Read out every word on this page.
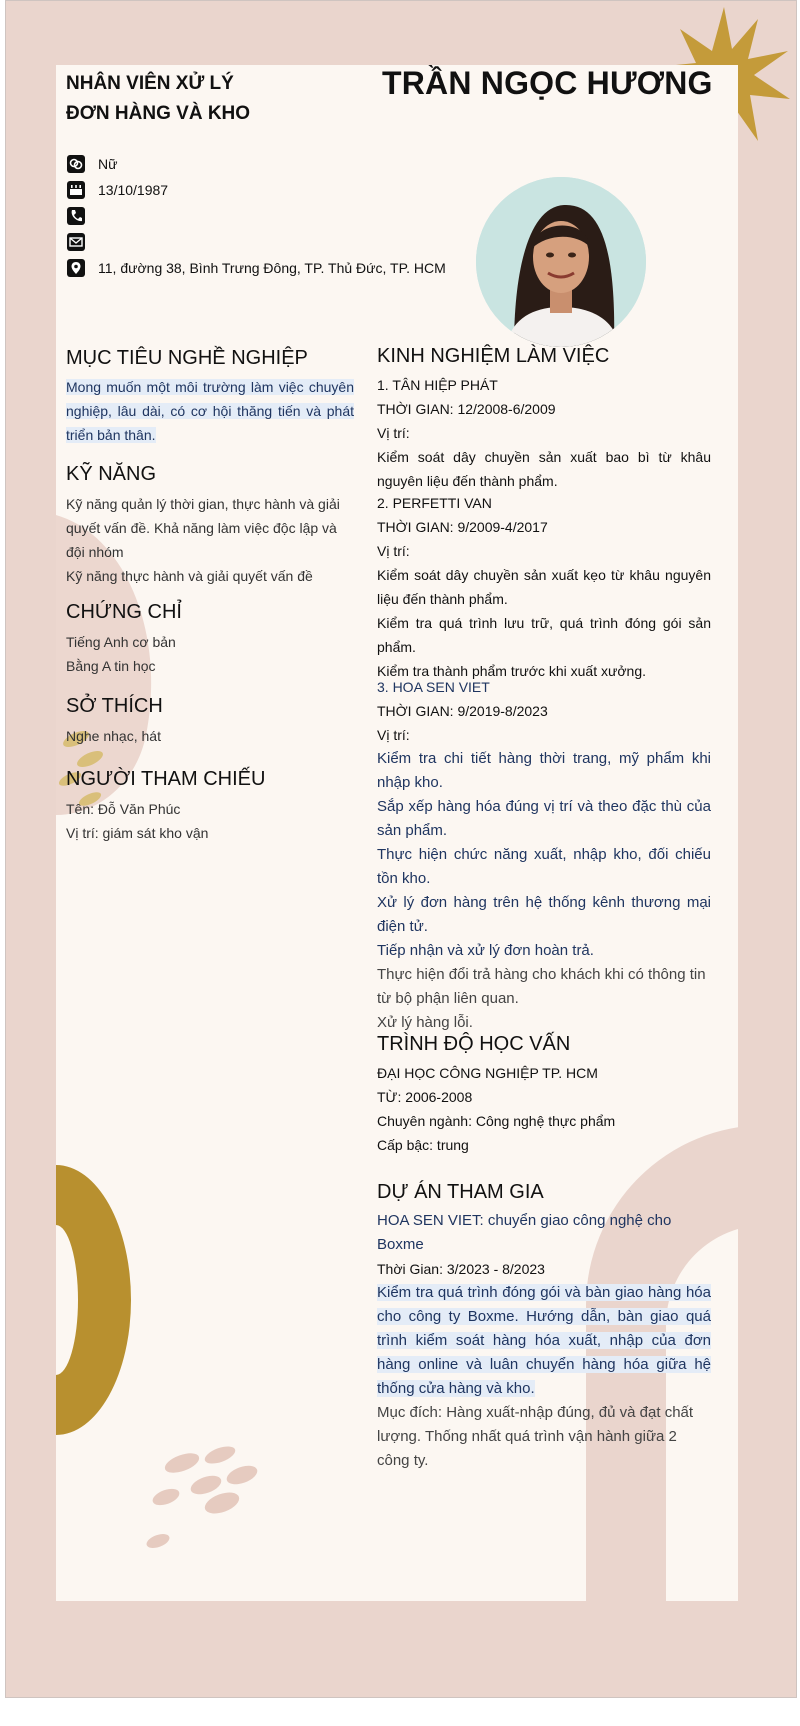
NHÂN VIÊN XỬ LÝ ĐƠN HÀNG VÀ KHO
TRẦN NGỌC HƯƠNG
Nữ
13/10/1987
11, đường 38, Bình Trưng Đông, TP. Thủ Đức, TP. HCM
MỤC TIÊU NGHỀ NGHIỆP
Mong muốn một môi trường làm việc chuyên nghiệp, lâu dài, có cơ hội thăng tiến và phát triển bản thân.
KỸ NĂNG

Kỹ năng quản lý thời gian, thực hành và giải quyết vấn đề. Khả năng làm việc độc lập và đội nhóm

Kỹ năng thực hành và giải quyết vấn đề

CHỨNG CHỈ

Tiếng Anh cơ bản

Bằng A tin học

SỞ THÍCH
Nghe nhạc, hát
NGƯỜI THAM CHIẾU

Tên: Đỗ Văn Phúc

Vị trí: giám sát kho vận

KINH NGHIỆM LÀM VIỆC

1. TÂN HIỆP PHÁT

THỜI GIAN: 12/2008-6/2009

Vị trí:

Kiểm soát dây chuyền sản xuất bao bì từ khâu nguyên liệu đến thành phẩm.

2. PERFETTI VAN

THỜI GIAN: 9/2009-4/2017

Vị trí:

Kiểm soát dây chuyền sản xuất kẹo từ khâu nguyên liệu đến thành phẩm.

Kiểm tra quá trình lưu trữ, quá trình đóng gói sản phẩm.

Kiểm tra thành phẩm trước khi xuất xưởng.

3. HOA SEN VIET

THỜI GIAN: 9/2019-8/2023

Vị trí:

Kiểm tra chi tiết hàng thời trang, mỹ phẩm khi nhập kho.

Sắp xếp hàng hóa đúng vị trí và theo đặc thù của sản phẩm.

Thực hiện chức năng xuất, nhập kho, đối chiếu tồn kho.

Xử lý đơn hàng trên hệ thống kênh thương mại điện tử.

Tiếp nhận và xử lý đơn hoàn trả.

Thực hiện đổi trả hàng cho khách khi có thông tin từ bộ phận liên quan.

Xử lý hàng lỗi.

TRÌNH ĐỘ HỌC VẤN

ĐẠI HỌC CÔNG NGHIỆP TP. HCM

TỪ: 2006-2008

Chuyên ngành: Công nghệ thực phẩm

Cấp bậc: trung

DỰ ÁN THAM GIA

HOA SEN VIET: chuyển giao công nghệ cho Boxme

Thời Gian: 3/2023 - 8/2023

Kiểm tra quá trình đóng gói và bàn giao hàng hóa cho công ty Boxme. Hướng dẫn, bàn giao quá trình kiểm soát hàng hóa xuất, nhập của đơn hàng online và luân chuyển hàng hóa giữa hệ thống cửa hàng và kho.

Mục đích: Hàng xuất-nhập đúng, đủ và đạt chất lượng. Thống nhất quá trình vận hành giữa 2 công ty.
